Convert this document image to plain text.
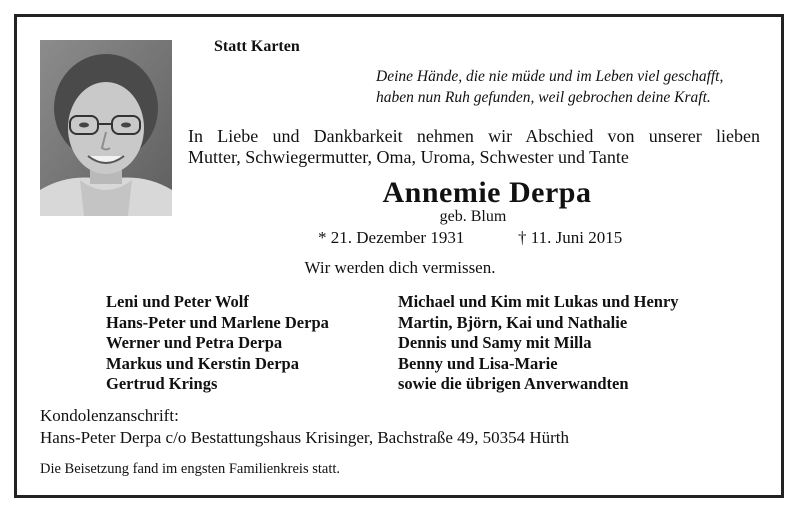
Statt Karten
Deine Hände, die nie müde und im Leben viel geschafft,
haben nun Ruh gefunden, weil gebrochen deine Kraft.
In Liebe und Dankbarkeit nehmen wir Abschied von unserer lieben
Mutter, Schwiegermutter, Oma, Uroma, Schwester und Tante
Annemie Derpa
geb. Blum
* 21. Dezember 1931	† 11. Juni 2015
Wir werden dich vermissen.
Leni und Peter Wolf
Hans-Peter und Marlene Derpa
Werner und Petra Derpa
Markus und Kerstin Derpa
Gertrud Krings
Michael und Kim mit Lukas und Henry
Martin, Björn, Kai und Nathalie
Dennis und Samy mit Milla
Benny und Lisa-Marie
sowie die übrigen Anverwandten
Kondolenzanschrift:
Hans-Peter Derpa c/o Bestattungshaus Krisinger, Bachstraße 49, 50354 Hürth
Die Beisetzung fand im engsten Familienkreis statt.
